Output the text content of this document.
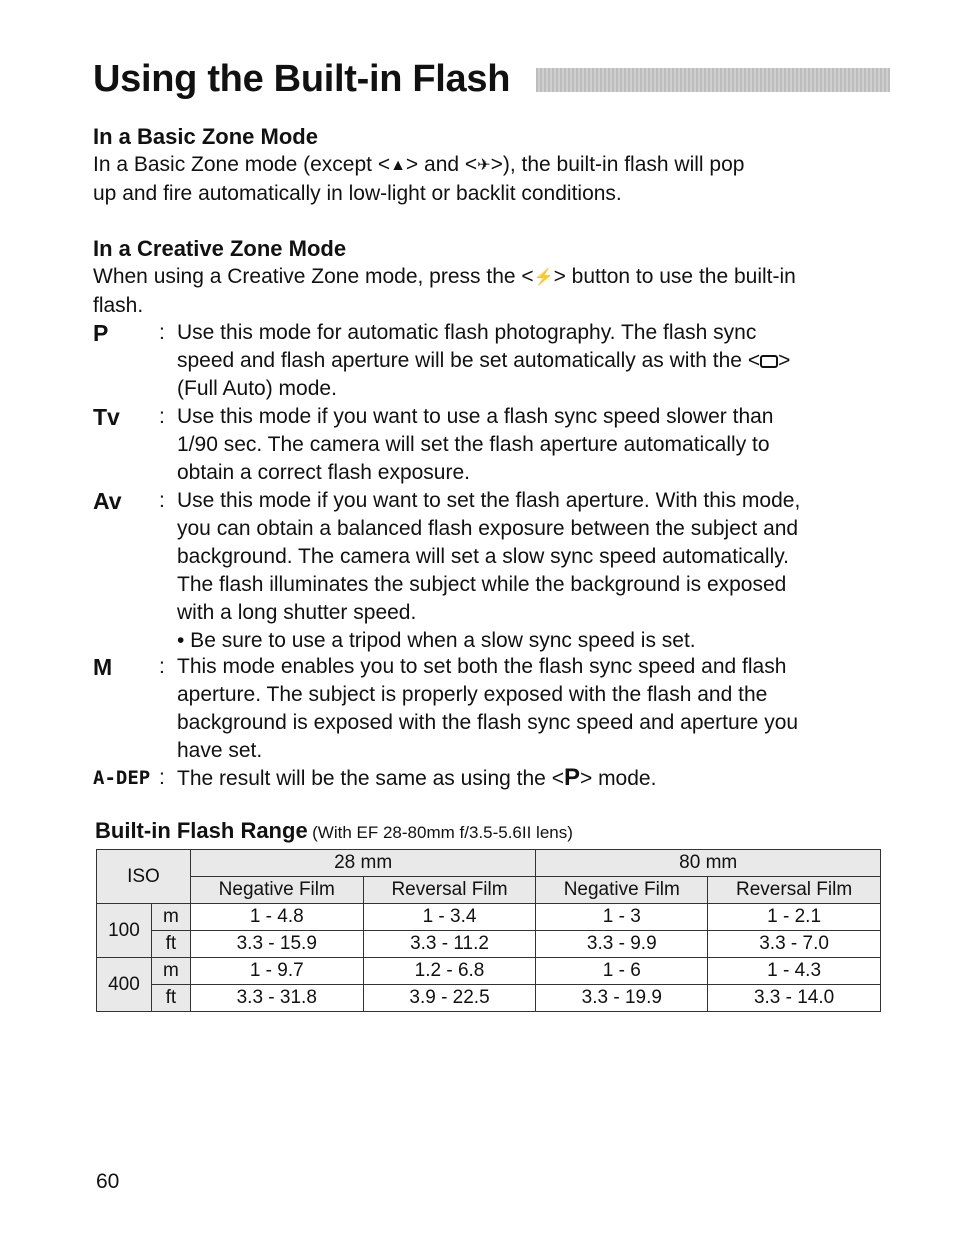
Using the Built-in Flash
In a Basic Zone Mode
In a Basic Zone mode (except <▲> and <✈>), the built-in flash will pop
up and fire automatically in low-light or backlit conditions.
In a Creative Zone Mode
When using a Creative Zone mode, press the <⚡> button to use the built-in
flash.
P : Use this mode for automatic flash photography. The flash sync
speed and flash aperture will be set automatically as with the < >
(Full Auto) mode.
Tv : Use this mode if you want to use a flash sync speed slower than
1/90 sec. The camera will set the flash aperture automatically to
obtain a correct flash exposure.
Av : Use this mode if you want to set the flash aperture. With this mode,
you can obtain a balanced flash exposure between the subject and
background. The camera will set a slow sync speed automatically.
The flash illuminates the subject while the background is exposed
with a long shutter speed.
• Be sure to use a tripod when a slow sync speed is set.
M : This mode enables you to set both the flash sync speed and flash
aperture. The subject is properly exposed with the flash and the
background is exposed with the flash sync speed and aperture you
have set.
A-DEP : The result will be the same as using the <P> mode.
Built-in Flash Range (With EF 28-80mm f/3.5-5.6II lens)
ISO		28 mm		80 mm	
		Negative Film	Reversal Film	Negative Film	Reversal Film
100	m	1 - 4.8	1 - 3.4	1 - 3	1 - 2.1
	ft	3.3 - 15.9	3.3 - 11.2	3.3 - 9.9	3.3 - 7.0
400	m	1 - 9.7	1.2 - 6.8	1 - 6	1 - 4.3
	ft	3.3 - 31.8	3.9 - 22.5	3.3 - 19.9	3.3 - 14.0
60
